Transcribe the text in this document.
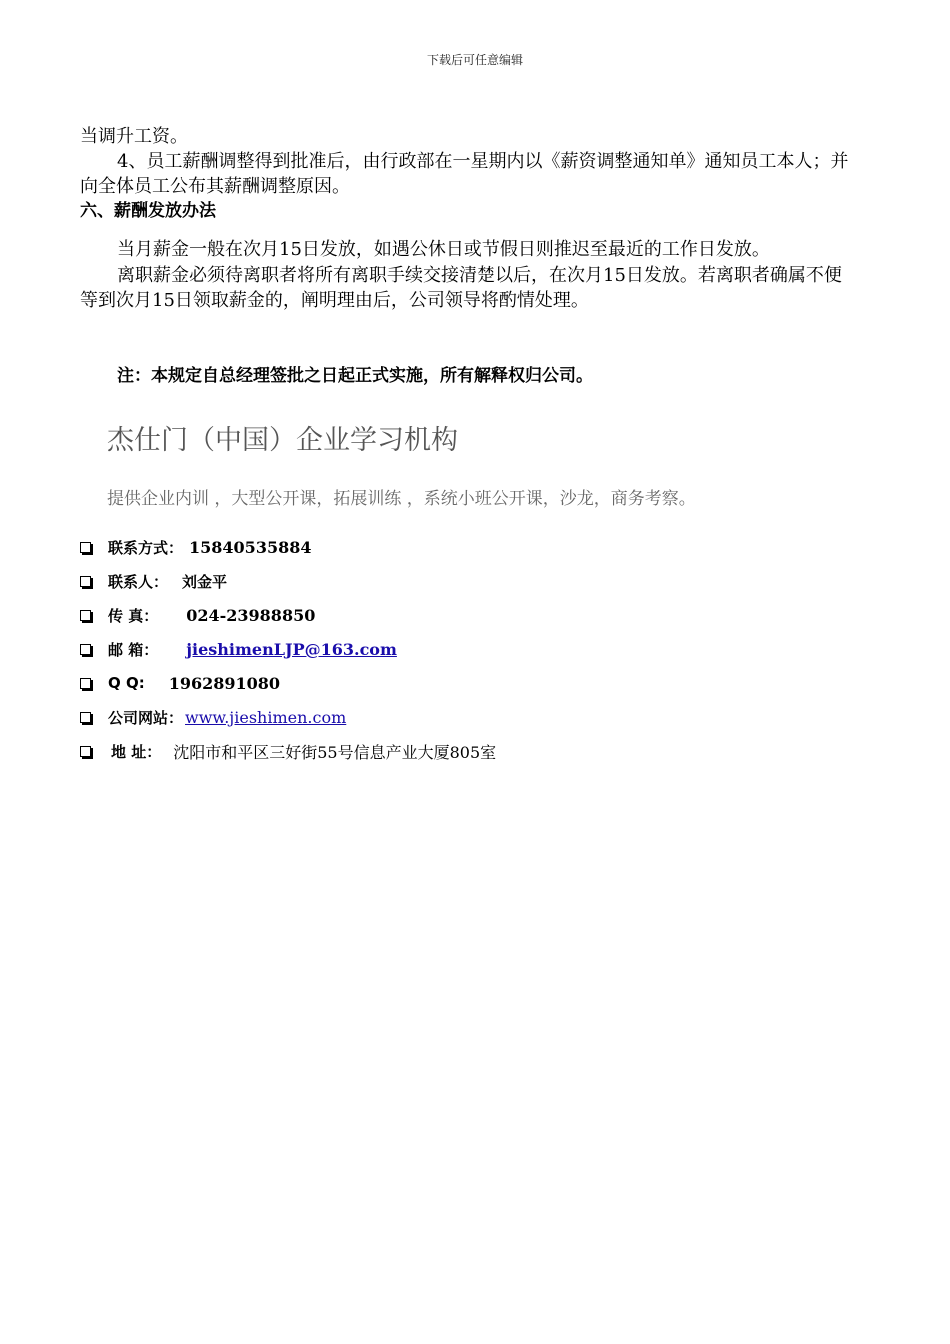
下载后可任意编辑
当调升工资。
4、员工薪酬调整得到批准后，由行政部在一星期内以《薪资调整通知单》通知员工本人；并向全体员工公布其薪酬调整原因。
六、薪酬发放办法
当月薪金一般在次月15日发放，如遇公休日或节假日则推迟至最近的工作日发放。
离职薪金必须待离职者将所有离职手续交接清楚以后，在次月15日发放。若离职者确属不便等到次月15日领取薪金的，阐明理由后，公司领导将酌情处理。
注：本规定自总经理签批之日起正式实施，所有解释权归公司。
杰仕门（中国）企业学习机构
提供企业内训 ，大型公开课，拓展训练 ，系统小班公开课，沙龙，商务考察。
联系方式： 15840535884
联系人： 刘金平
传 真： 024-23988850
邮 箱： jieshimenLJP@163.com
Q Q: 1962891080
公司网站： www.jieshimen.com
地 址： 沈阳市和平区三好街55号信息产业大厦805室
